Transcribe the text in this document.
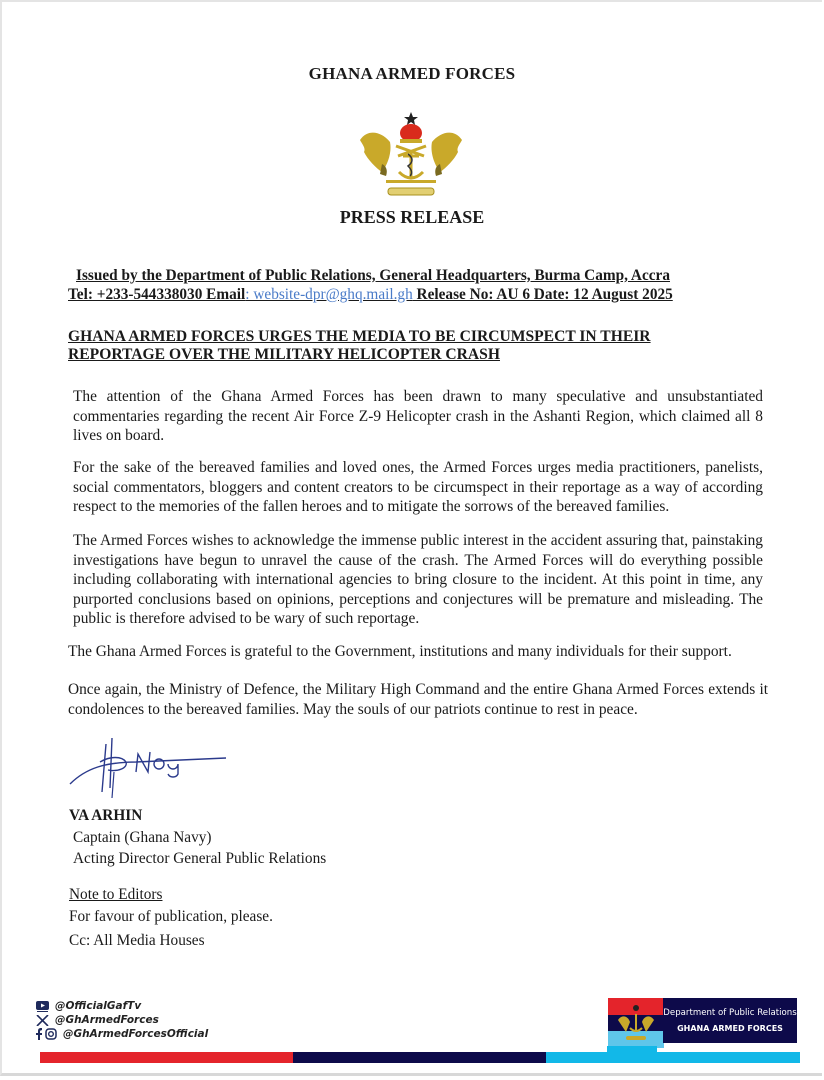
GHANA ARMED FORCES
PRESS RELEASE
Issued by the Department of Public Relations, General Headquarters, Burma Camp, Accra
Tel: +233-544338030 Email: website-dpr@ghq.mail.gh Release No: AU 6 Date: 12 August 2025
GHANA ARMED FORCES URGES THE MEDIA TO BE CIRCUMSPECT IN THEIR REPORTAGE OVER THE MILITARY HELICOPTER CRASH
The attention of the Ghana Armed Forces has been drawn to many speculative and unsubstantiated commentaries regarding the recent Air Force Z-9 Helicopter crash in the Ashanti Region, which claimed all 8 lives on board.
For the sake of the bereaved families and loved ones, the Armed Forces urges media practitioners, panelists, social commentators, bloggers and content creators to be circumspect in their reportage as a way of according respect to the memories of the fallen heroes and to mitigate the sorrows of the bereaved families.
The Armed Forces wishes to acknowledge the immense public interest in the accident assuring that, painstaking investigations have begun to unravel the cause of the crash. The Armed Forces will do everything possible including collaborating with international agencies to bring closure to the incident. At this point in time, any purported conclusions based on opinions, perceptions and conjectures will be premature and misleading. The public is therefore advised to be wary of such reportage.
The Ghana Armed Forces is grateful to the Government, institutions and many individuals for their support.
Once again, the Ministry of Defence, the Military High Command and the entire Ghana Armed Forces extends it condolences to the bereaved families. May the souls of our patriots continue to rest in peace.
VA ARHIN
Captain (Ghana Navy)
Acting Director General Public Relations
Note to Editors
For favour of publication, please.
Cc: All Media Houses
@OfficialGafTv
@GhArmedForces
@GhArmedForcesOfficial
Department of Public Relations
GHANA ARMED FORCES
